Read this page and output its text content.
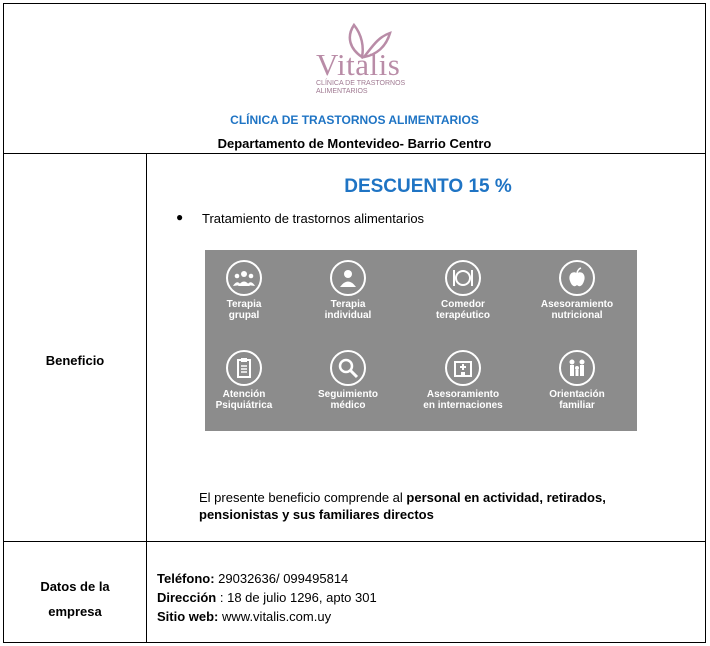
Vitalis
CLÍNICA DE TRASTORNOS
ALIMENTARIOS
CLÍNICA DE TRASTORNOS ALIMENTARIOS
Departamento de Montevideo- Barrio Centro
Beneficio
DESCUENTO 15 %
● Tratamiento de trastornos alimentarios
Terapia
grupal
Terapia
individual
Comedor
terapéutico
Asesoramiento
nutricional
Atención
Psiquiátrica
Seguimiento
médico
Asesoramiento
en internaciones
Orientación
familiar
El presente beneficio comprende al personal en actividad, retirados,
pensionistas y sus familiares directos
Datos de la
empresa
Teléfono: 29032636/ 099495814
Dirección : 18 de julio 1296, apto 301
Sitio web: www.vitalis.com.uy
